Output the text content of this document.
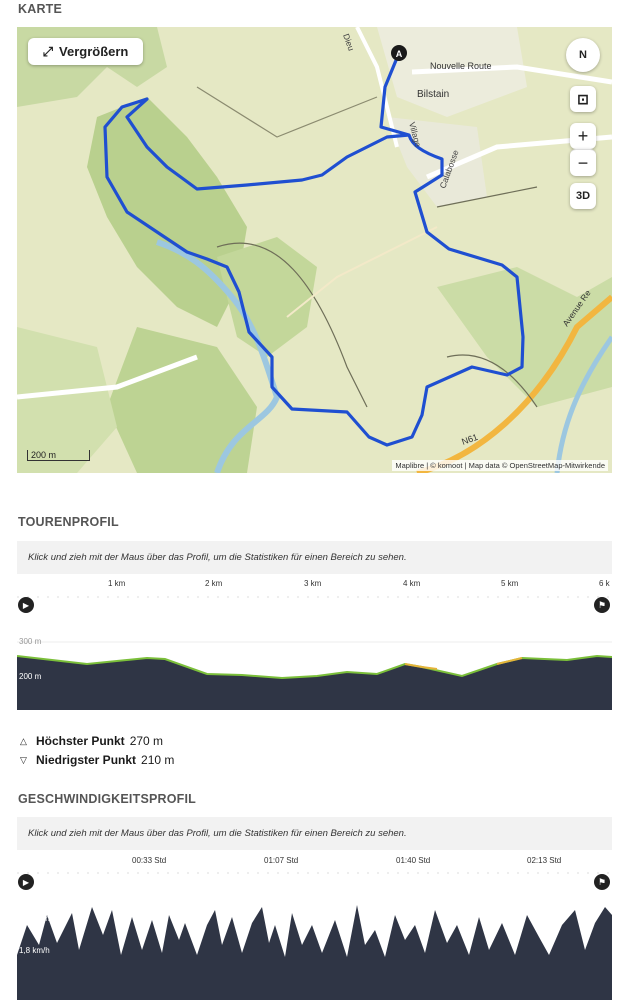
KARTE
Nouvelle Route
Bilstain
Village
Calabosse
Avenue Re
N61
Dieu
A
⤢ Vergrößern	N
⊡
+
−
3D
200 m
Maplibre | © komoot | Map data © OpenStreetMap-Mitwirkende
TOURENPROFIL
Klick und zieh mit der Maus über das Profil, um die Statistiken für einen Bereich zu sehen.
1 km	2 km	3 km	4 km	5 km	6 k
▶	⚑
300 m
200 m
△ Höchster Punkt 270 m
▽ Niedrigster Punkt 210 m
GESCHWINDIGKEITSPROFIL
Klick und zieh mit der Maus über das Profil, um die Statistiken für einen Bereich zu sehen.
00:33 Std	01:07 Std	01:40 Std	02:13 Std
▶	⚑
3,6 km/h
1,8 km/h
